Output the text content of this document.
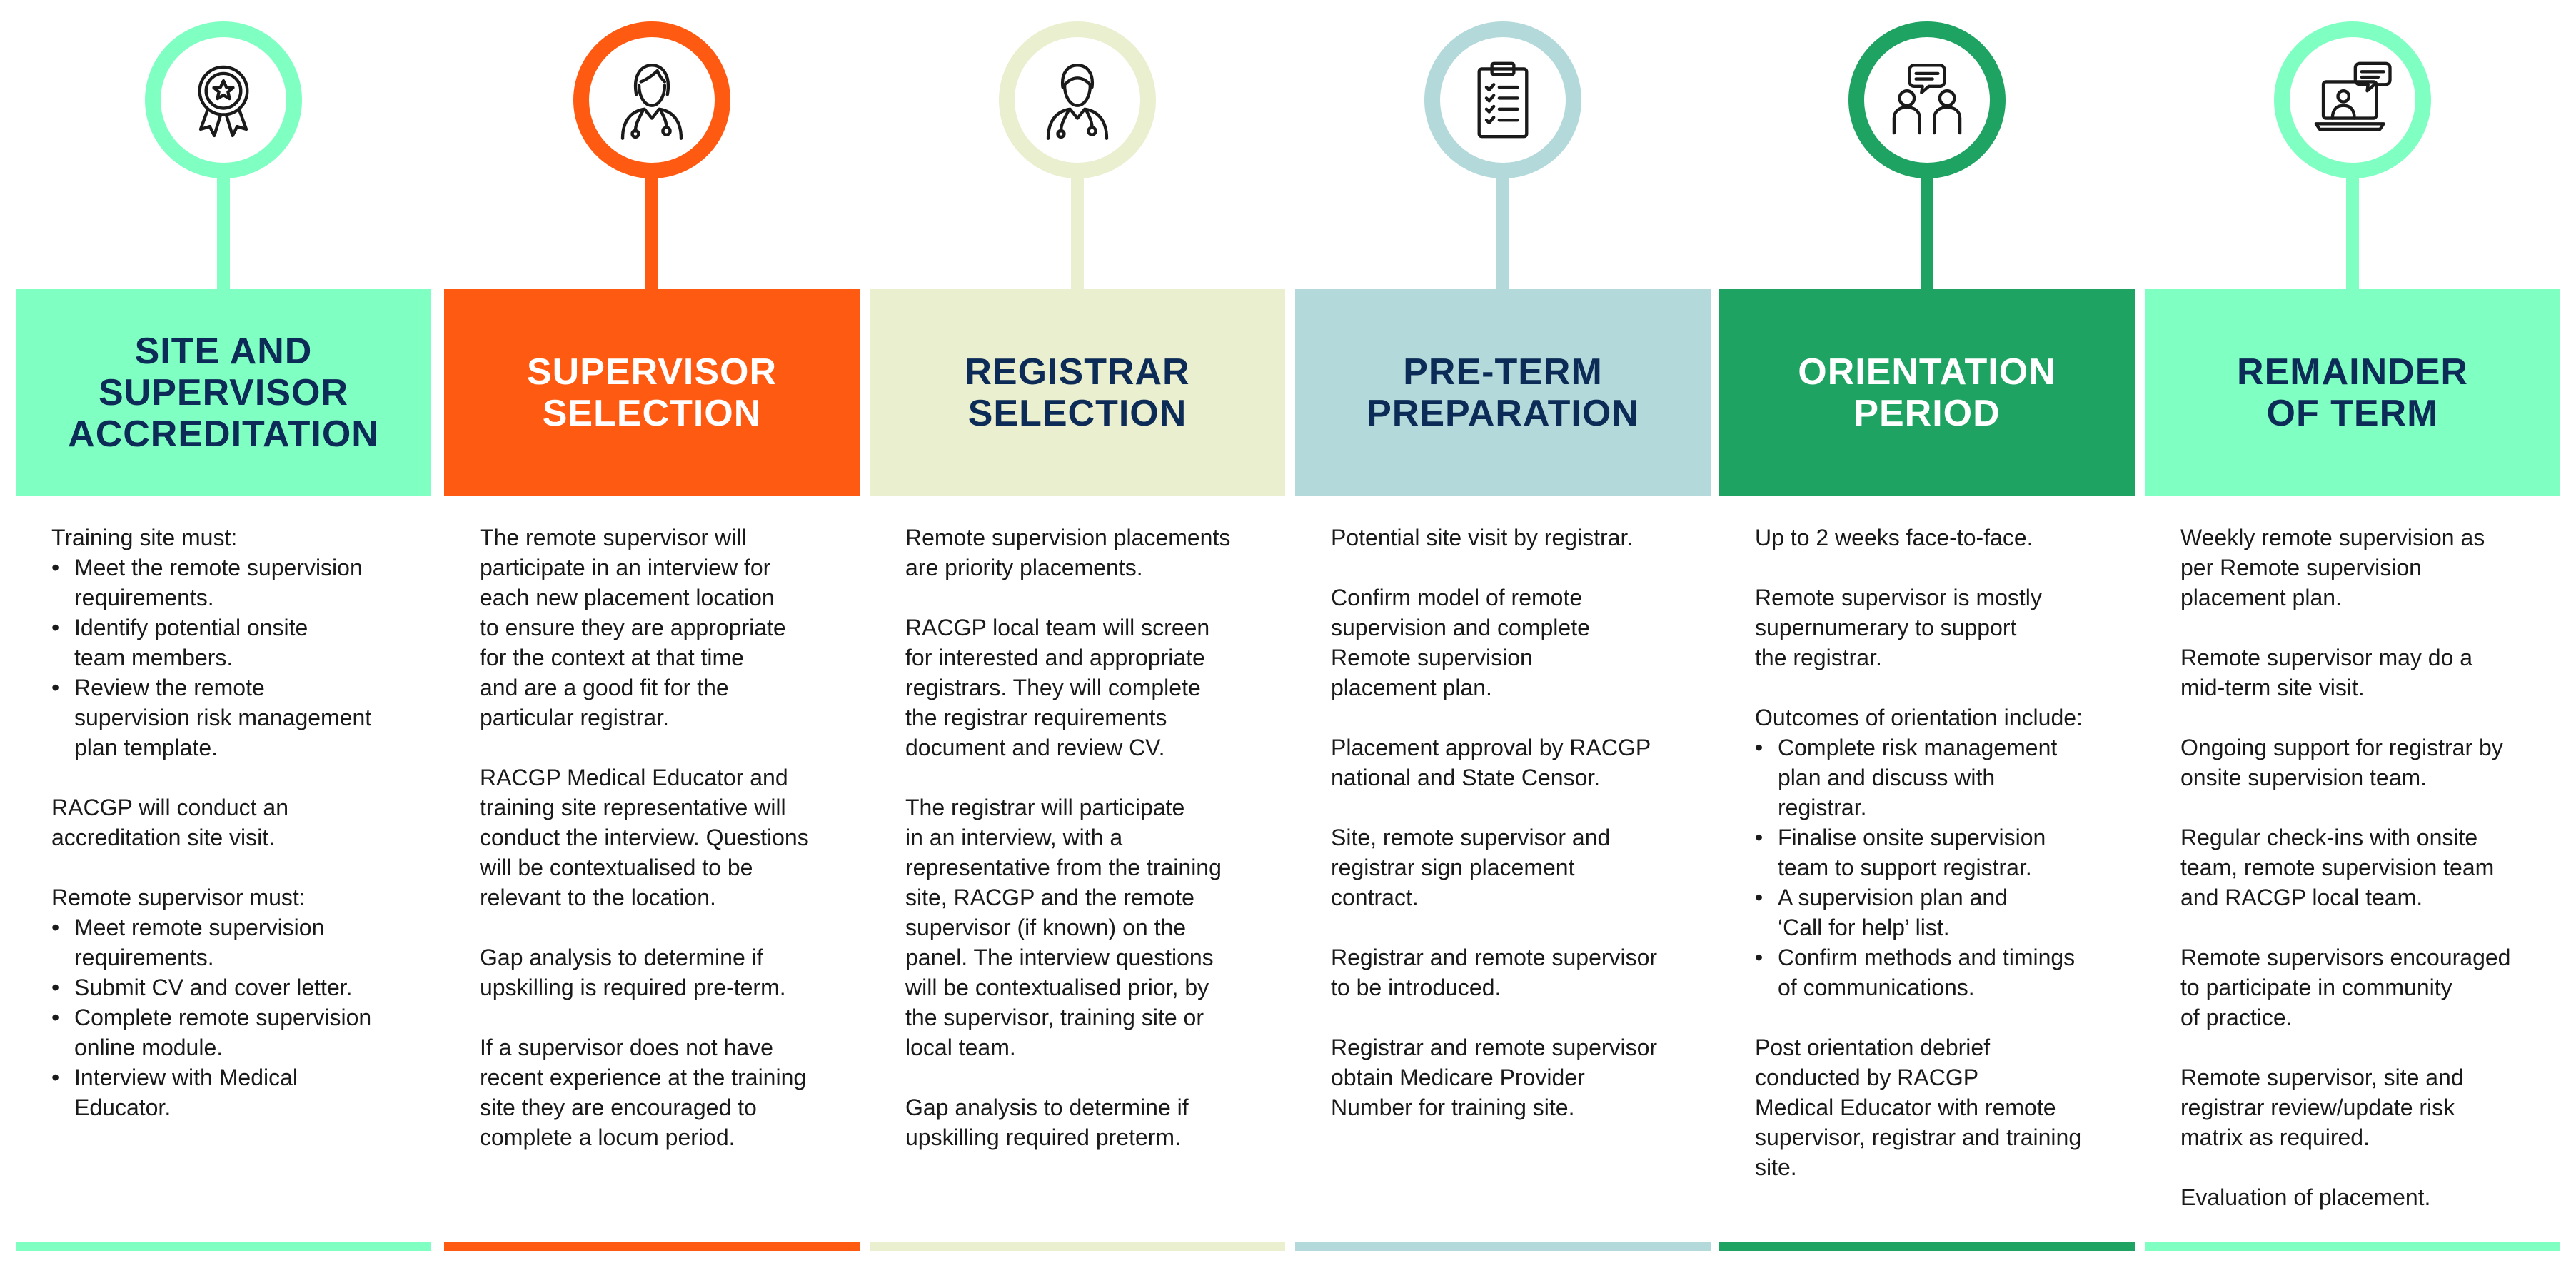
SITE AND
SUPERVISOR
ACCREDITATION

Training site must:

• Meet the remote supervision
requirements.
• Identify potential onsite
team members.
• Review the remote
supervision risk management
plan template.

RACGP will conduct an
accreditation site visit.

Remote supervisor must:

• Meet remote supervision
requirements.
• Submit CV and cover letter.
• Complete remote supervision
online module.
• Interview with Medical
Educator.
SUPERVISOR
SELECTION

The remote supervisor will
participate in an interview for
each new placement location
to ensure they are appropriate
for the context at that time
and are a good fit for the
particular registrar.

RACGP Medical Educator and
training site representative will
conduct the interview. Questions
will be contextualised to be
relevant to the location.

Gap analysis to determine if
upskilling is required pre-term.

If a supervisor does not have
recent experience at the training
site they are encouraged to
complete a locum period.

REGISTRAR
SELECTION

Remote supervision placements
are priority placements.

RACGP local team will screen
for interested and appropriate
registrars. They will complete
the registrar requirements
document and review CV.

The registrar will participate
in an interview, with a
representative from the training
site, RACGP and the remote
supervisor (if known) on the
panel. The interview questions
will be contextualised prior, by
the supervisor, training site or
local team.

Gap analysis to determine if
upskilling required preterm.

PRE-TERM
PREPARATION

Potential site visit by registrar.

Confirm model of remote
supervision and complete
Remote supervision
placement plan.

Placement approval by RACGP
national and State Censor.

Site, remote supervisor and
registrar sign placement
contract.

Registrar and remote supervisor
to be introduced.

Registrar and remote supervisor
obtain Medicare Provider
Number for training site.

ORIENTATION
PERIOD

Up to 2 weeks face-to-face.

Remote supervisor is mostly
supernumerary to support
the registrar.

Outcomes of orientation include:

• Complete risk management
plan and discuss with
registrar.
• Finalise onsite supervision
team to support registrar.
• A supervision plan and
‘Call for help’ list.
• Confirm methods and timings
of communications.

Post orientation debrief
conducted by RACGP
Medical Educator with remote
supervisor, registrar and training
site.

REMAINDER
OF TERM

Weekly remote supervision as
per Remote supervision
placement plan.

Remote supervisor may do a
mid-term site visit.

Ongoing support for registrar by
onsite supervision team.

Regular check-ins with onsite
team, remote supervision team
and RACGP local team.

Remote supervisors encouraged
to participate in community
of practice.

Remote supervisor, site and
registrar review/update risk
matrix as required.

Evaluation of placement.
